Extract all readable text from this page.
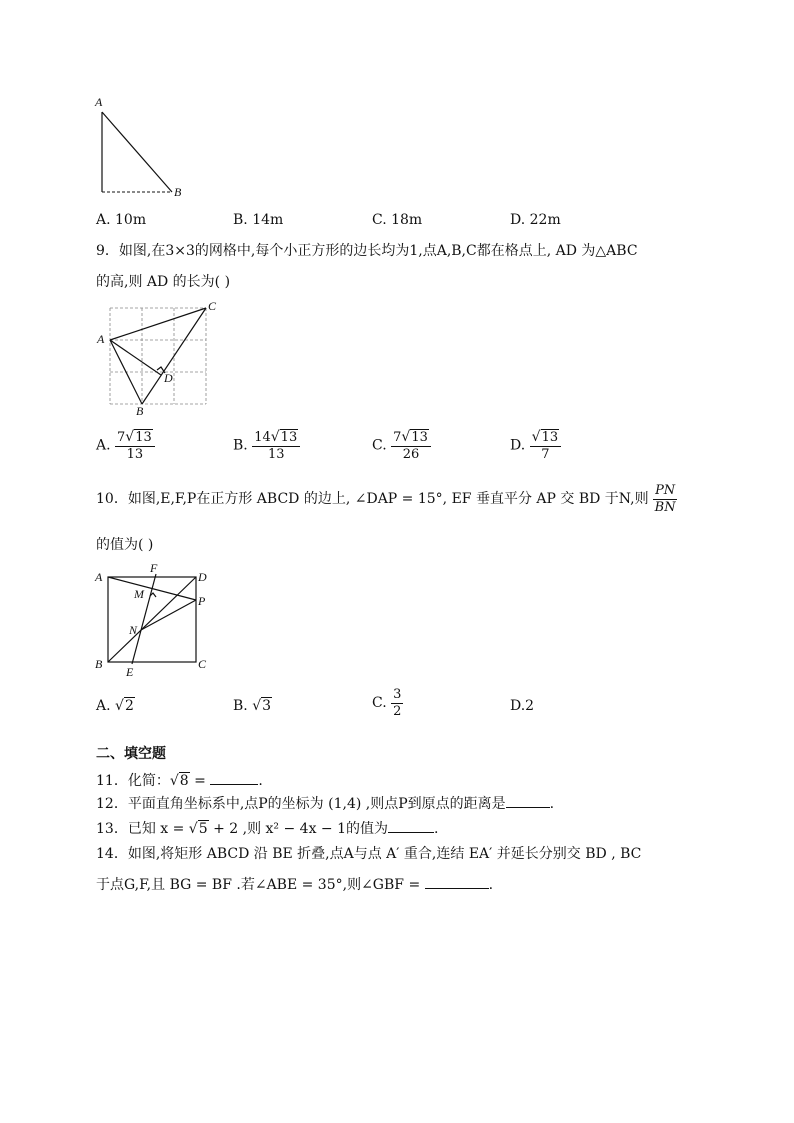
A
B
A. 10m	B. 14m	C. 18m	D. 22m
9．如图,在3×3的网格中,每个小正方形的边长均为1,点A,B,C都在格点上, AD 为△ABC
的高,则 AD 的长为( )
A
B
C
D
A. $\frac{7√13}{13}$	B. $\frac{14√13}{13}$	C. $\frac{7√13}{26}$	D. $\frac{√13}{7}$
10．如图,E,F,P在正方形 ABCD 的边上, ∠DAP = 15°, EF 垂直平分 AP 交 BD 于N,则 $\frac{PN}{BN}$
的值为( )
A	D
B	C
E
F
M
N
P
A. √2	B. √3	C. $\frac{3}{2}$	D.2
二、填空题
11．化简：√8 =	.
12．平面直角坐标系中,点P的坐标为 (1,4) ,则点P到原点的距离是	.
13．已知 x = √5 + 2 ,则 x² − 4x − 1的值为	.
14．如图,将矩形 ABCD 沿 BE 折叠,点A与点 A′ 重合,连结 EA′ 并延长分别交 BD , BC
于点G,F,且 BG = BF .若∠ABE = 35°,则∠GBF =	.
